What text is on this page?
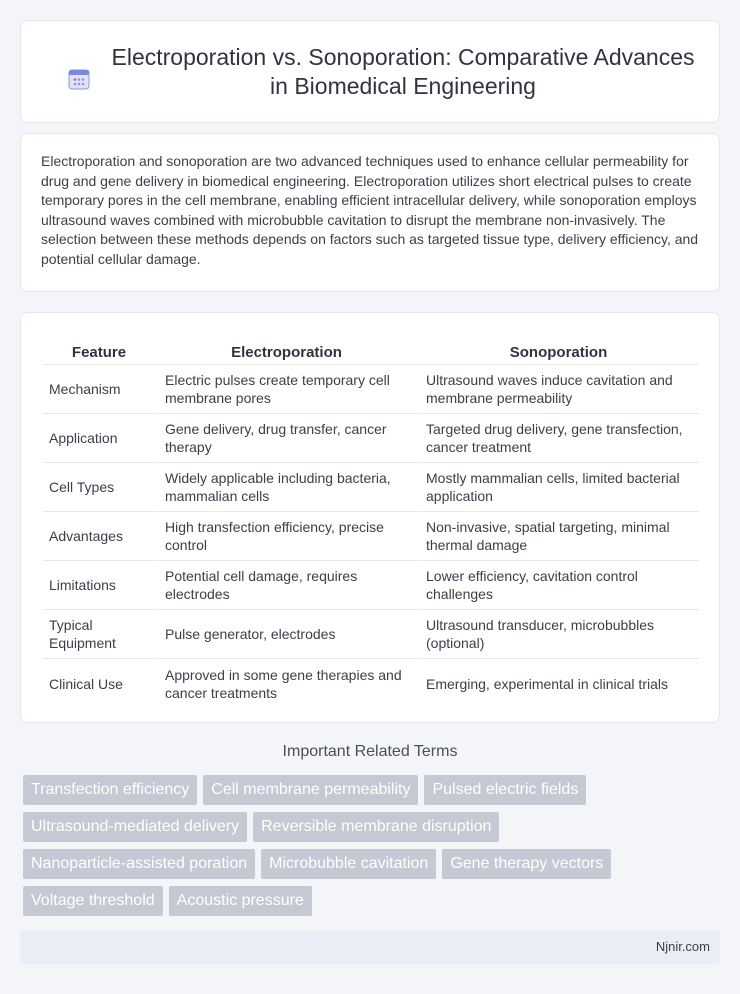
Electroporation vs. Sonoporation: Comparative Advances in Biomedical Engineering

Electroporation and sonoporation are two advanced techniques used to enhance cellular permeability for drug and gene delivery in biomedical engineering. Electroporation utilizes short electrical pulses to create temporary pores in the cell membrane, enabling efficient intracellular delivery, while sonoporation employs ultrasound waves combined with microbubble cavitation to disrupt the membrane non-invasively. The selection between these methods depends on factors such as targeted tissue type, delivery efficiency, and potential cellular damage.

Feature	Electroporation	Sonoporation
Mechanism	Electric pulses create temporary cell membrane pores	Ultrasound waves induce cavitation and membrane permeability
Application	Gene delivery, drug transfer, cancer therapy	Targeted drug delivery, gene transfection, cancer treatment
Cell Types	Widely applicable including bacteria, mammalian cells	Mostly mammalian cells, limited bacterial application
Advantages	High transfection efficiency, precise control	Non-invasive, spatial targeting, minimal thermal damage
Limitations	Potential cell damage, requires electrodes	Lower efficiency, cavitation control challenges
Typical Equipment	Pulse generator, electrodes	Ultrasound transducer, microbubbles (optional)
Clinical Use	Approved in some gene therapies and cancer treatments	Emerging, experimental in clinical trials
Important Related Terms
Transfection efficiency Cell membrane permeability Pulsed electric fields
Ultrasound-mediated delivery Reversible membrane disruption
Nanoparticle-assisted poration Microbubble cavitation Gene therapy vectors
Voltage threshold Acoustic pressure
Njnir.com
